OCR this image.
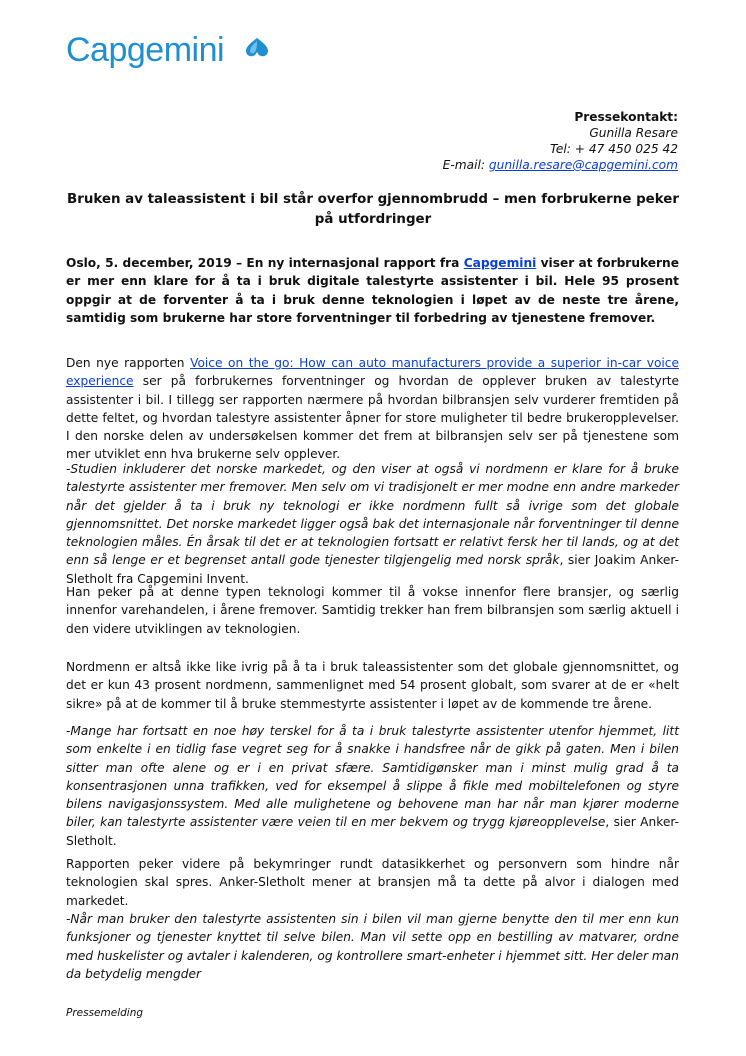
Capgemini
Pressekontakt:
Gunilla Resare
Tel: + 47 450 025 42
E-mail: gunilla.resare@capgemini.com
Bruken av taleassistent i bil står overfor gjennombrudd – men forbrukerne peker på utfordringer

Oslo, 5. december, 2019 – En ny internasjonal rapport fra Capgemini viser at forbrukerne er mer enn klare for å ta i bruk digitale talestyrte assistenter i bil. Hele 95 prosent oppgir at de forventer å ta i bruk denne teknologien i løpet av de neste tre årene, samtidig som brukerne har store forventninger til forbedring av tjenestene fremover.

Den nye rapporten Voice on the go: How can auto manufacturers provide a superior in-car voice experience ser på forbrukernes forventninger og hvordan de opplever bruken av talestyrte assistenter i bil. I tillegg ser rapporten nærmere på hvordan bilbransjen selv vurderer fremtiden på dette feltet, og hvordan talestyre assistenter åpner for store muligheter til bedre brukeropplevelser. I den norske delen av undersøkelsen kommer det frem at bilbransjen selv ser på tjenestene som mer utviklet enn hva brukerne selv opplever.

-Studien inkluderer det norske markedet, og den viser at også vi nordmenn er klare for å bruke talestyrte assistenter mer fremover. Men selv om vi tradisjonelt er mer modne enn andre markeder når det gjelder å ta i bruk ny teknologi er ikke nordmenn fullt så ivrige som det globale gjennomsnittet. Det norske markedet ligger også bak det internasjonale når forventninger til denne teknologien måles. Én årsak til det er at teknologien fortsatt er relativt fersk her til lands, og at det enn så lenge er et begrenset antall gode tjenester tilgjengelig med norsk språk, sier Joakim Anker-Sletholt fra Capgemini Invent.

Han peker på at denne typen teknologi kommer til å vokse innenfor flere bransjer, og særlig innenfor varehandelen, i årene fremover. Samtidig trekker han frem bilbransjen som særlig aktuell i den videre utviklingen av teknologien.

Nordmenn er altså ikke like ivrig på å ta i bruk taleassistenter som det globale gjennomsnittet, og det er kun 43 prosent nordmenn, sammenlignet med 54 prosent globalt, som svarer at de er «helt sikre» på at de kommer til å bruke stemmestyrte assistenter i løpet av de kommende tre årene.

-Mange har fortsatt en noe høy terskel for å ta i bruk talestyrte assistenter utenfor hjemmet, litt som enkelte i en tidlig fase vegret seg for å snakke i handsfree når de gikk på gaten. Men i bilen sitter man ofte alene og er i en privat sfære. Samtidigønsker man i minst mulig grad å ta konsentrasjonen unna trafikken, ved for eksempel å slippe å fikle med mobiltelefonen og styre bilens navigasjonssystem. Med alle mulighetene og behovene man har når man kjører moderne biler, kan talestyrte assistenter være veien til en mer bekvem og trygg kjøreopplevelse, sier Anker-Sletholt.

Rapporten peker videre på bekymringer rundt datasikkerhet og personvern som hindre når teknologien skal spres. Anker-Sletholt mener at bransjen må ta dette på alvor i dialogen med markedet.

-Når man bruker den talestyrte assistenten sin i bilen vil man gjerne benytte den til mer enn kun funksjoner og tjenester knyttet til selve bilen. Man vil sette opp en bestilling av matvarer, ordne med huskelister og avtaler i kalenderen, og kontrollere smart-enheter i hjemmet sitt. Her deler man da betydelig mengder

Pressemelding
